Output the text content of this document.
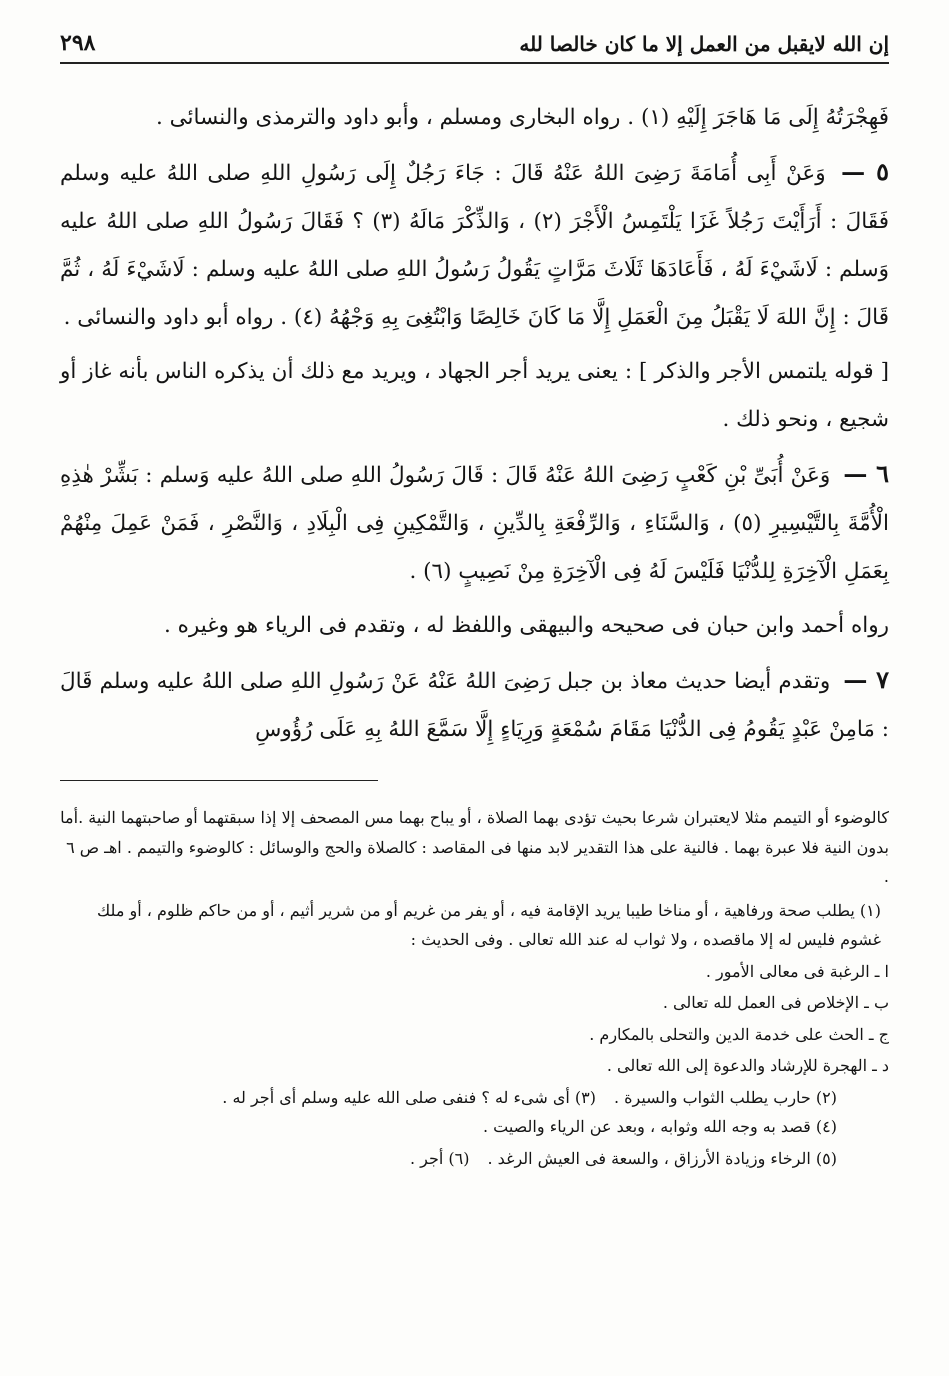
٢٩٨	إن الله لايقبل من العمل إلا ما كان خالصا لله

فَهِجْرَتُهُ إِلَى مَا هَاجَرَ إِلَيْهِ (١) . رواه البخارى ومسلم ، وأبو داود والترمذى والنسائى .

٥ — وَعَنْ أَبِى أُمَامَةَ رَضِىَ اللهُ عَنْهُ قَالَ : جَاءَ رَجُلٌ إِلَى رَسُولِ اللهِ صلى اللهُ عليه وسلم فَقَالَ : أَرَأَيْتَ رَجُلاً غَزَا يَلْتَمِسُ الْأَجْرَ (٢) ، وَالذِّكْرَ مَالَهُ (٣) ؟ فَقَالَ رَسُولُ اللهِ صلى اللهُ عليه وَسلم : لَاشَيْءَ لَهُ ، فَأَعَادَهَا ثَلَاثَ مَرَّاتٍ يَقُولُ رَسُولُ اللهِ صلى اللهُ عليه وسلم : لَاشَيْءَ لَهُ ، ثُمَّ قَالَ : إِنَّ اللهَ لَا يَقْبَلُ مِنَ الْعَمَلِ إِلَّا مَا كَانَ خَالِصًا وَابْتُغِىَ بِهِ وَجْهُهُ (٤) . رواه أبو داود والنسائى .

[ قوله يلتمس الأجر والذكر ] : يعنى يريد أجر الجهاد ، ويريد مع ذلك أن يذكره الناس بأنه غاز أو شجيع ، ونحو ذلك .

٦ — وَعَنْ أُبَىِّ بْنِ كَعْبٍ رَضِىَ اللهُ عَنْهُ قَالَ : قَالَ رَسُولُ اللهِ صلى اللهُ عليه وَسلم : بَشِّرْ هٰذِهِ الْأُمَّةَ بِالتَّيْسِيرِ (٥) ، وَالسَّنَاءِ ، وَالرِّفْعَةِ بِالدِّينِ ، وَالتَّمْكِينِ فِى الْبِلَادِ ، وَالنَّصْرِ ، فَمَنْ عَمِلَ مِنْهُمْ بِعَمَلِ الْآخِرَةِ لِلدُّنْيَا فَلَيْسَ لَهُ فِى الْآخِرَةِ مِنْ نَصِيبٍ (٦) .

رواه أحمد وابن حبان فى صحيحه والبيهقى واللفظ له ، وتقدم فى الرياء هو وغيره .

٧ — وتقدم أيضا حديث معاذ بن جبل رَضِىَ اللهُ عَنْهُ عَنْ رَسُولِ اللهِ صلى اللهُ عليه وسلم قَالَ : مَامِنْ عَبْدٍ يَقُومُ فِى الدُّنْيَا مَقَامَ سُمْعَةٍ وَرِيَاءٍ إِلَّا سَمَّعَ اللهُ بِهِ عَلَى رُؤُوسِ

كالوضوء أو التيمم مثلا لايعتبران شرعا بحيث تؤدى بهما الصلاة ، أو يباح بهما مس المصحف إلا إذا سبقتهما أو صاحبتهما النية .أما بدون النية فلا عبرة بهما . فالنية على هذا التقدير لابد منها فى المقاصد : كالصلاة والحج والوسائل : كالوضوء والتيمم . اهـ ص ٦ .

(١) يطلب صحة ورفاهية ، أو مناخا طيبا يريد الإقامة فيه ، أو يفر من غريم أو من شرير أثيم ، أو من حاكم ظلوم ، أو ملك غشوم فليس له إلا ماقصده ، ولا ثواب له عند الله تعالى . وفى الحديث :

ا ـ الرغبة فى معالى الأمور .

ب ـ الإخلاص فى العمل لله تعالى .

ج ـ الحث على خدمة الدين والتحلى بالمكارم .

د ـ الهجرة للإرشاد والدعوة إلى الله تعالى .

(٢) حارب يطلب الثواب والسيرة .
(٣) أى شىء له ؟ فنفى صلى الله عليه وسلم أى أجر له .

(٤) قصد به وجه الله وثوابه ، وبعد عن الرياء والصيت .

(٥) الرخاء وزيادة الأرزاق ، والسعة فى العيش الرغد .
(٦) أجر .
